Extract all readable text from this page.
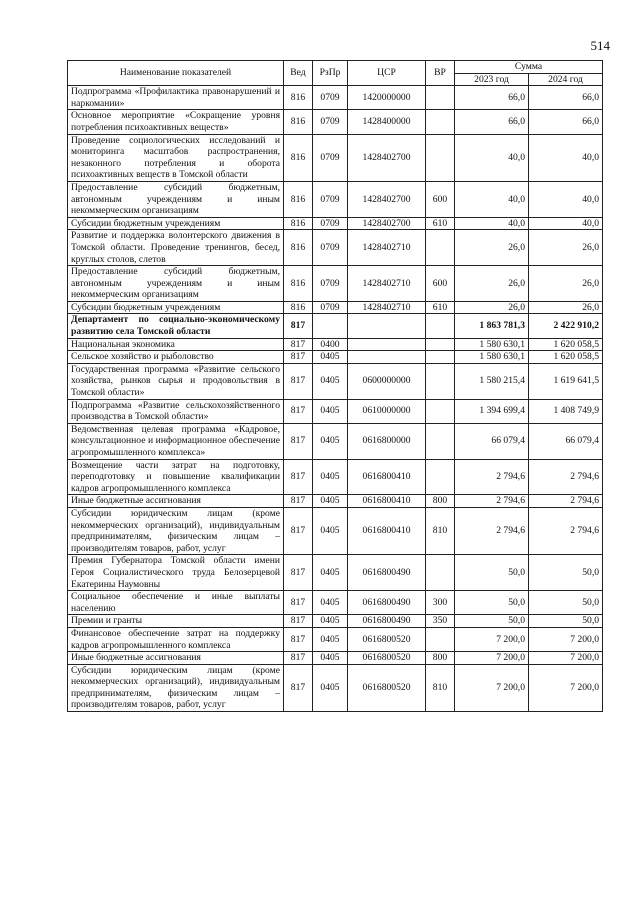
514
Наименование показателей	Вед	РзПр	ЦСР	ВР	Сумма	
					2023 год	2024 год
Подпрограмма «Профилактика правонарушений и наркомании»	816	0709	1420000000		66,0	66,0
Основное мероприятие «Сокращение уровня потребления психоактивных веществ»	816	0709	1428400000		66,0	66,0
Проведение социологических исследований и мониторинга масштабов распространения, незаконного потребления и оборота психоактивных веществ в Томской области	816	0709	1428402700		40,0	40,0
Предоставление субсидий бюджетным, автономным учреждениям и иным некоммерческим организациям	816	0709	1428402700	600	40,0	40,0
Субсидии бюджетным учреждениям	816	0709	1428402700	610	40,0	40,0
Развитие и поддержка волонтерского движения в Томской области. Проведение тренингов, бесед, круглых столов, слетов	816	0709	1428402710		26,0	26,0
Предоставление субсидий бюджетным, автономным учреждениям и иным некоммерческим организациям	816	0709	1428402710	600	26,0	26,0
Субсидии бюджетным учреждениям	816	0709	1428402710	610	26,0	26,0
Департамент по социально-экономическому развитию села Томской области	817				1 863 781,3	2 422 910,2
Национальная экономика	817	0400			1 580 630,1	1 620 058,5
Сельское хозяйство и рыболовство	817	0405			1 580 630,1	1 620 058,5
Государственная программа «Развитие сельского хозяйства, рынков сырья и продовольствия в Томской области»	817	0405	0600000000		1 580 215,4	1 619 641,5
Подпрограмма «Развитие сельскохозяйственного производства в Томской области»	817	0405	0610000000		1 394 699,4	1 408 749,9
Ведомственная целевая программа «Кадровое, консультационное и информационное обеспечение агропромышленного комплекса»	817	0405	0616800000		66 079,4	66 079,4
Возмещение части затрат на подготовку, переподготовку и повышение квалификации кадров агропромышленного комплекса	817	0405	0616800410		2 794,6	2 794,6
Иные бюджетные ассигнования	817	0405	0616800410	800	2 794,6	2 794,6
Субсидии юридическим лицам (кроме некоммерческих организаций), индивидуальным предпринимателям, физическим лицам – производителям товаров, работ, услуг	817	0405	0616800410	810	2 794,6	2 794,6
Премия Губернатора Томской области имени Героя Социалистического труда Белозерцевой Екатерины Наумовны	817	0405	0616800490		50,0	50,0
Социальное обеспечение и иные выплаты населению	817	0405	0616800490	300	50,0	50,0
Премии и гранты	817	0405	0616800490	350	50,0	50,0
Финансовое обеспечение затрат на поддержку кадров агропромышленного комплекса	817	0405	0616800520		7 200,0	7 200,0
Иные бюджетные ассигнования	817	0405	0616800520	800	7 200,0	7 200,0
Субсидии юридическим лицам (кроме некоммерческих организаций), индивидуальным предпринимателям, физическим лицам – производителям товаров, работ, услуг	817	0405	0616800520	810	7 200,0	7 200,0
